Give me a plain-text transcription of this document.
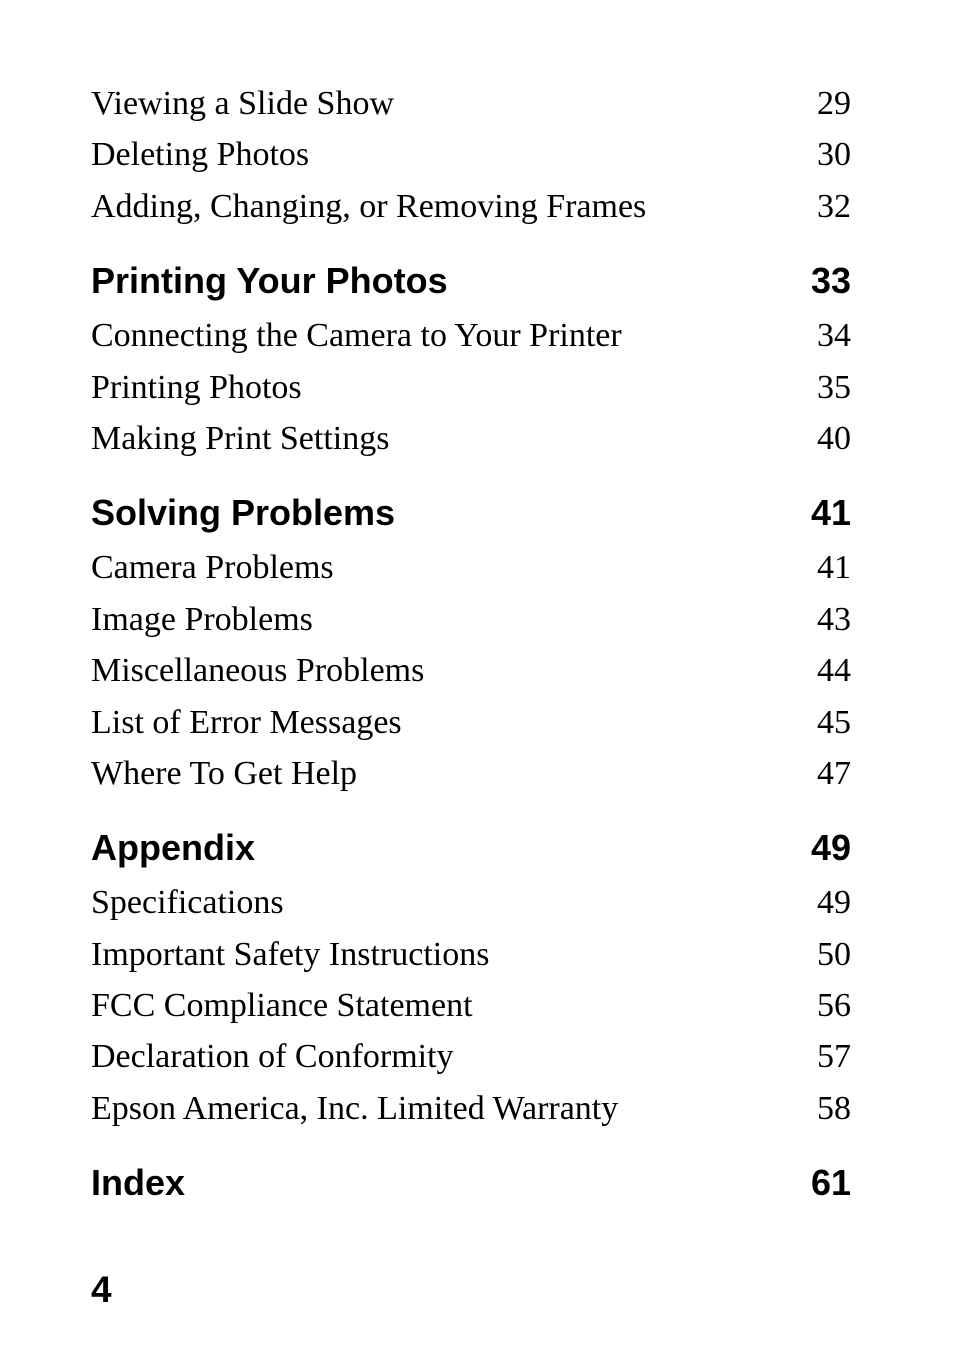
Viewing a Slide Show	29
Deleting Photos	30
Adding, Changing, or Removing Frames	32
Printing Your Photos	33
Connecting the Camera to Your Printer	34
Printing Photos	35
Making Print Settings	40
Solving Problems	41
Camera Problems	41
Image Problems	43
Miscellaneous Problems	44
List of Error Messages	45
Where To Get Help	47
Appendix	49
Specifications	49
Important Safety Instructions	50
FCC Compliance Statement	56
Declaration of Conformity	57
Epson America, Inc. Limited Warranty	58
Index	61
4
